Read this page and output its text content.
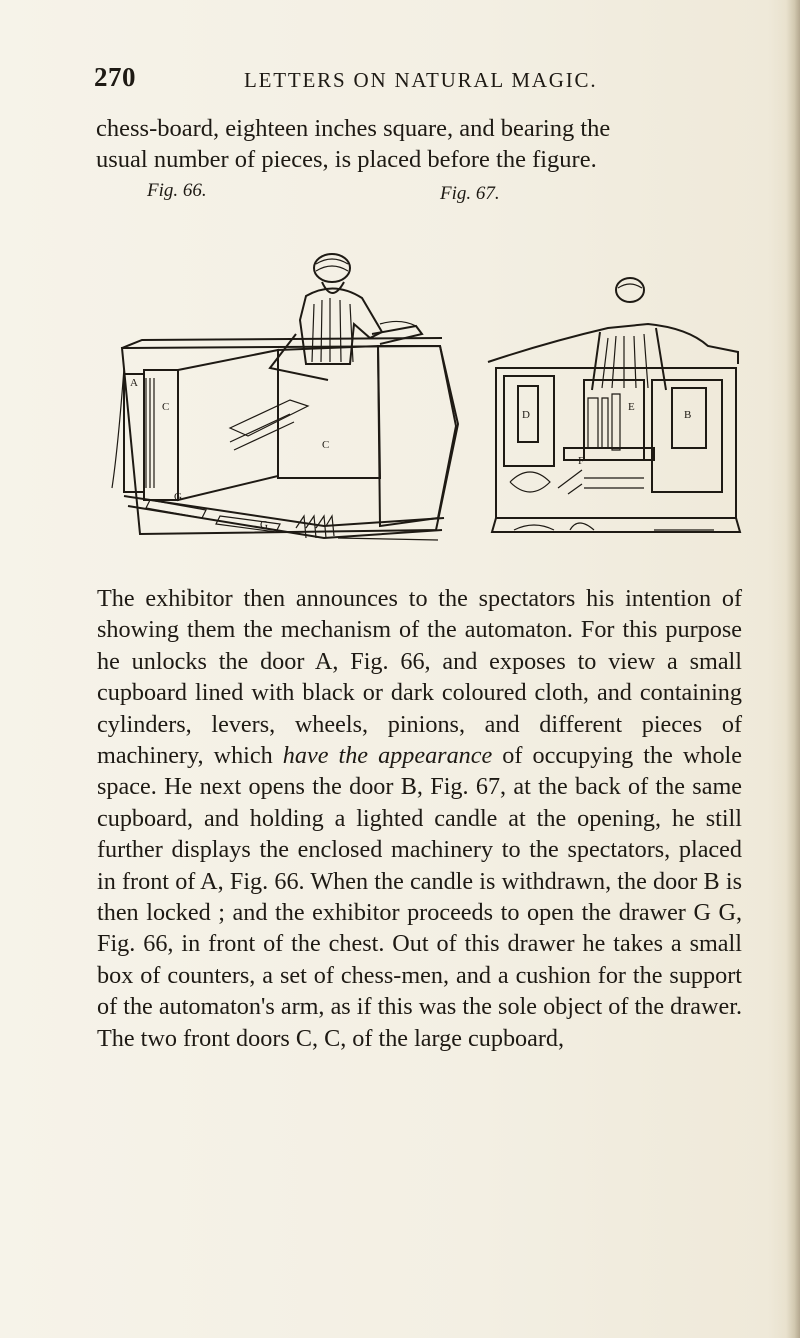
270	LETTERS ON NATURAL MAGIC.
chess-board, eighteen inches square, and bearing the
usual number of pieces, is placed before the figure.
Fig. 66.	Fig. 67.
A
C
C
G
G
D	B
E
F

The exhibitor then announces to the spectators his intention of showing them the mechanism of the automaton. For this purpose he unlocks the door A, Fig. 66, and exposes to view a small cupboard lined with black or dark coloured cloth, and containing cylinders, levers, wheels, pinions, and different pieces of machinery, which have the appearance of occupying the whole space. He next opens the door B, Fig. 67, at the back of the same cupboard, and holding a lighted candle at the opening, he still further displays the enclosed machinery to the spectators, placed in front of A, Fig. 66. When the candle is withdrawn, the door B is then locked ; and the exhibitor proceeds to open the drawer G G, Fig. 66, in front of the chest. Out of this drawer he takes a small box of counters, a set of chess-men, and a cushion for the support of the automaton's arm, as if this was the sole object of the drawer. The two front doors C, C, of the large cupboard,
